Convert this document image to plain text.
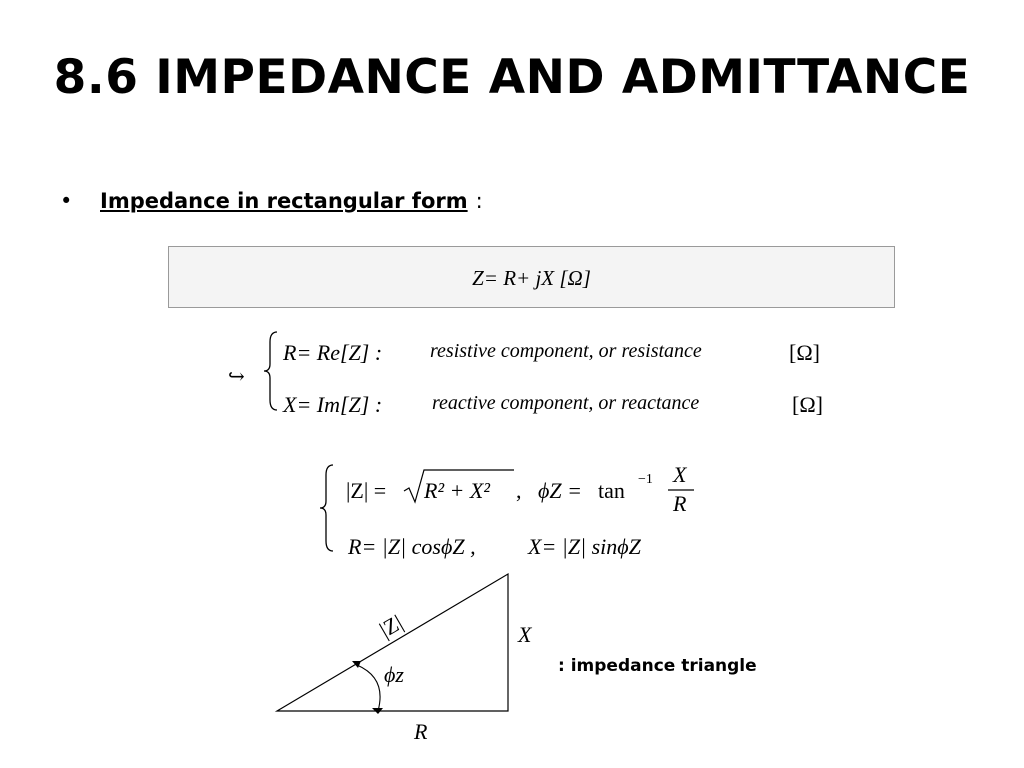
8.6 IMPEDANCE AND ADMITTANCE
• Impedance in rectangular form :
Z= R+ jX [Ω]
↪
R= Re[Z] : resistive component, or resistance	[Ω]
X= Im[Z] : reactive component, or reactance	[Ω]
|Z| = R² + X² , ϕZ = tan −1 X
R
R= |Z| cosϕZ , X= |Z| sinϕZ
|Z|	X
R
ϕz	: impedance triangle
